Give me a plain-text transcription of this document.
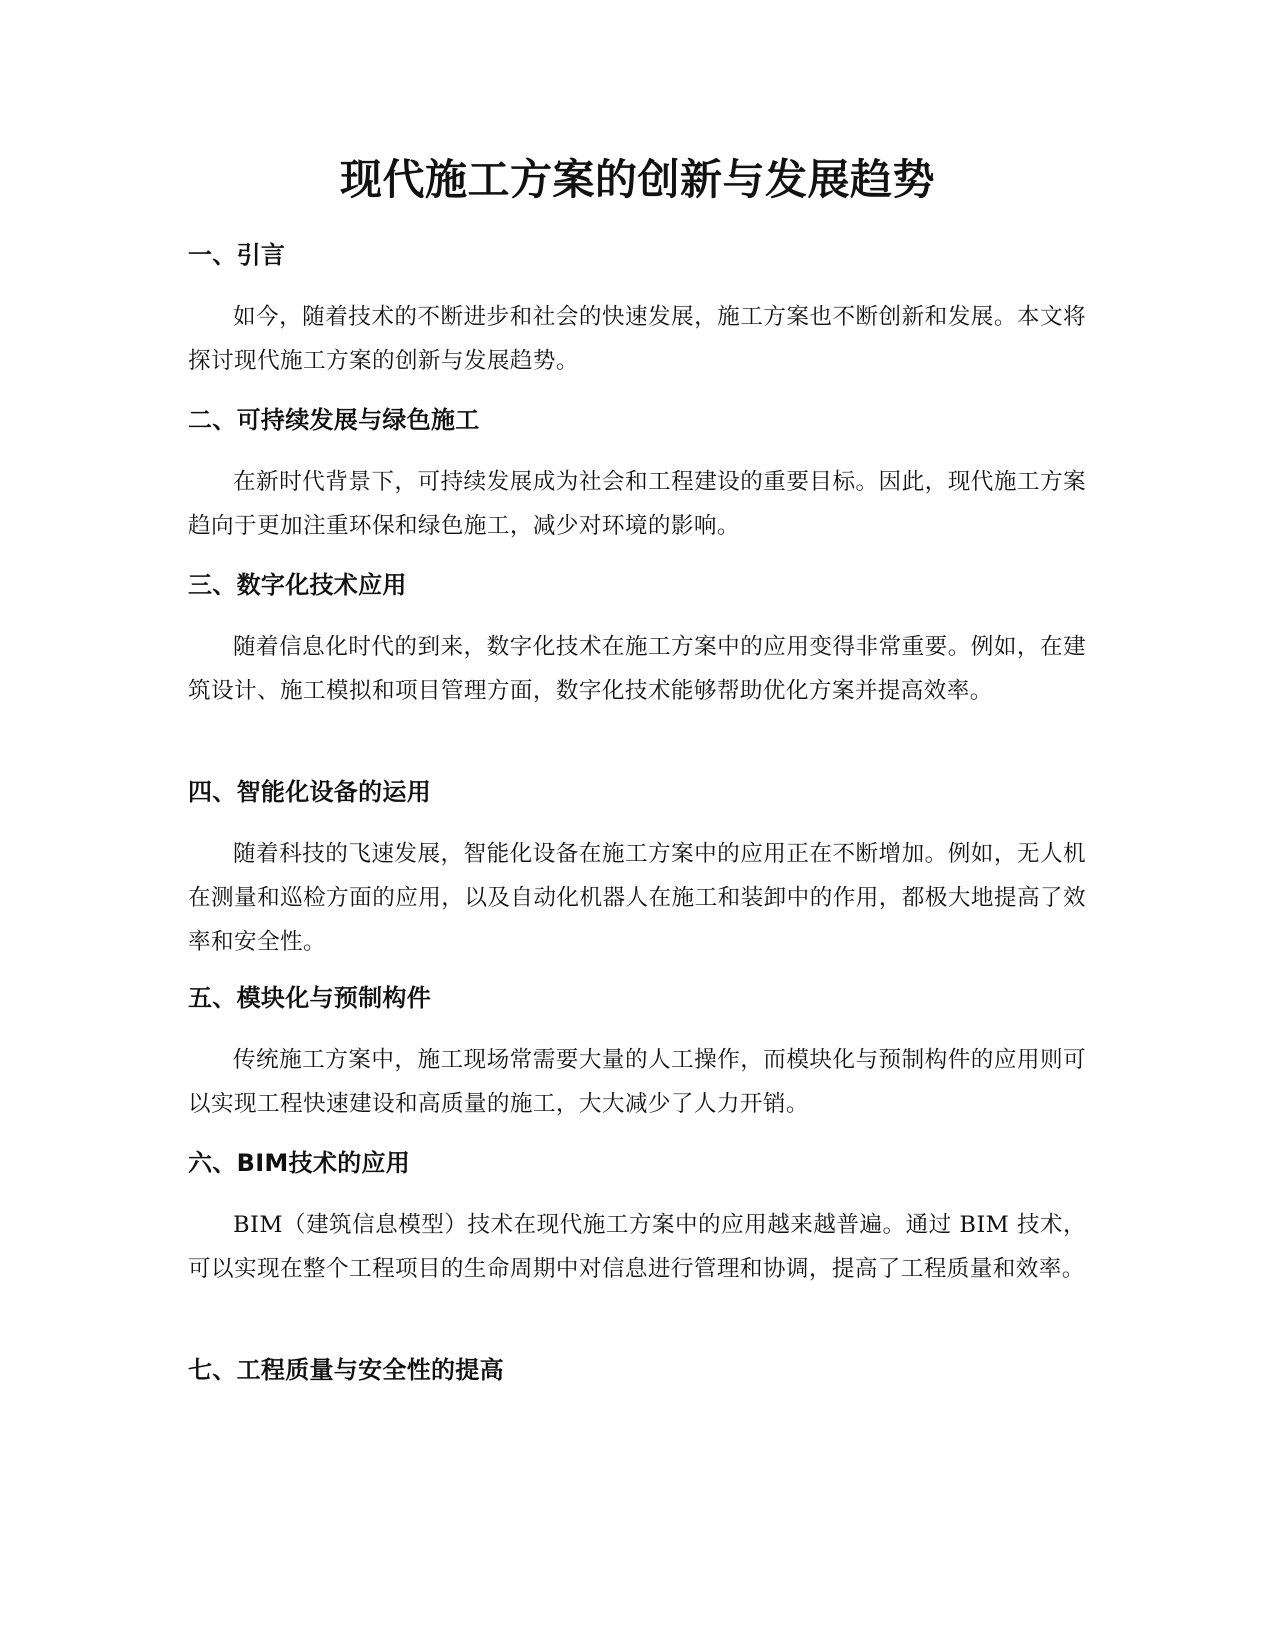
现代施工方案的创新与发展趋势
一、引言

如今，随着技术的不断进步和社会的快速发展，施工方案也不断创新和发展。本文将探讨现代施工方案的创新与发展趋势。

二、可持续发展与绿色施工

在新时代背景下，可持续发展成为社会和工程建设的重要目标。因此，现代施工方案趋向于更加注重环保和绿色施工，减少对环境的影响。

三、数字化技术应用

随着信息化时代的到来，数字化技术在施工方案中的应用变得非常重要。例如，在建筑设计、施工模拟和项目管理方面，数字化技术能够帮助优化方案并提高效率。

四、智能化设备的运用

随着科技的飞速发展，智能化设备在施工方案中的应用正在不断增加。例如，无人机在测量和巡检方面的应用，以及自动化机器人在施工和装卸中的作用，都极大地提高了效率和安全性。

五、模块化与预制构件

传统施工方案中，施工现场常需要大量的人工操作，而模块化与预制构件的应用则可以实现工程快速建设和高质量的施工，大大减少了人力开销。

六、BIM技术的应用

BIM（建筑信息模型）技术在现代施工方案中的应用越来越普遍。通过 BIM 技术，可以实现在整个工程项目的生命周期中对信息进行管理和协调，提高了工程质量和效率。

七、工程质量与安全性的提高
